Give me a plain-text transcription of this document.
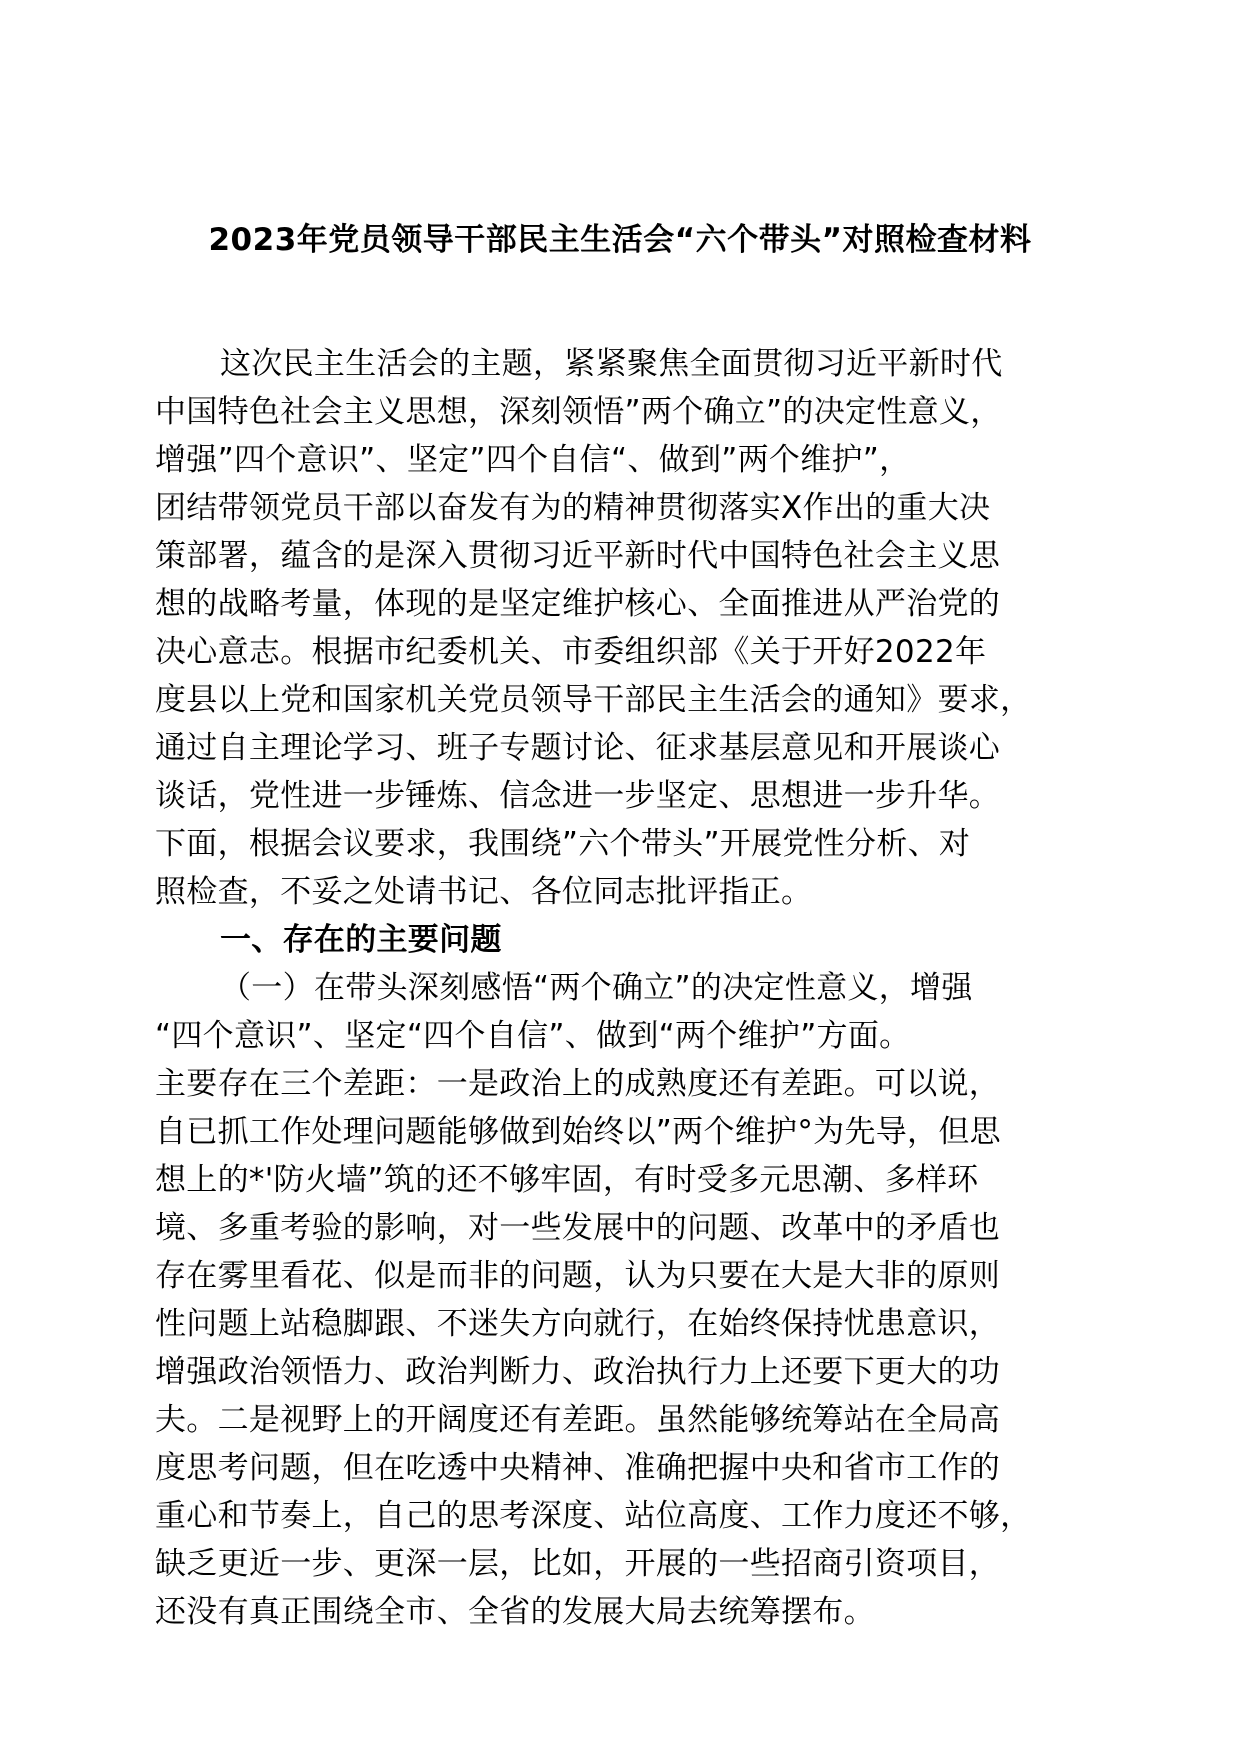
2023年党员领导干部民主生活会“六个带头”对照检查材料
这次民主生活会的主题，紧紧聚焦全面贯彻习近平新时代
中国特色社会主义思想，深刻领悟”两个确立”的决定性意义，
增强”四个意识”、坚定”四个自信“、做到”两个维护”，
团结带领党员干部以奋发有为的精神贯彻落实X作出的重大决
策部署，蕴含的是深入贯彻习近平新时代中国特色社会主义思
想的战略考量，体现的是坚定维护核心、全面推进从严治党的
决心意志。根据市纪委机关、市委组织部《关于开好2022年
度县以上党和国家机关党员领导干部民主生活会的通知》要求，
通过自主理论学习、班子专题讨论、征求基层意见和开展谈心
谈话，党性进一步锤炼、信念进一步坚定、思想进一步升华。
下面，根据会议要求，我围绕”六个带头”开展党性分析、对
照检查，不妥之处请书记、各位同志批评指正。
一、存在的主要问题
（一）在带头深刻感悟“两个确立”的决定性意义，增强
“四个意识”、坚定“四个自信”、做到“两个维护”方面。
主要存在三个差距：一是政治上的成熟度还有差距。可以说，
自已抓工作处理问题能够做到始终以”两个维护°为先导，但思
想上的*'防火墙”筑的还不够牢固，有时受多元思潮、多样环
境、多重考验的影响，对一些发展中的问题、改革中的矛盾也
存在雾里看花、似是而非的问题，认为只要在大是大非的原则
性问题上站稳脚跟、不迷失方向就行，在始终保持忧患意识，
增强政治领悟力、政治判断力、政治执行力上还要下更大的功
夫。二是视野上的开阔度还有差距。虽然能够统筹站在全局高
度思考问题，但在吃透中央精神、准确把握中央和省市工作的
重心和节奏上，自己的思考深度、站位高度、工作力度还不够，
缺乏更近一步、更深一层，比如，开展的一些招商引资项目，
还没有真正围绕全市、全省的发展大局去统筹摆布。
